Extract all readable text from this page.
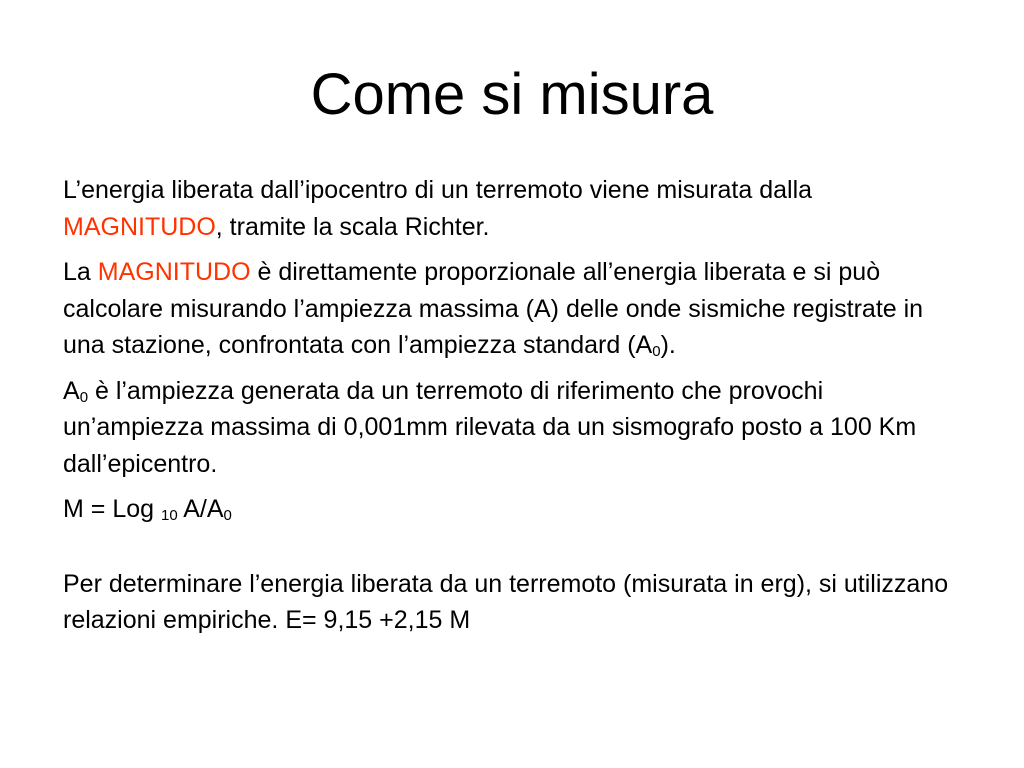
Come si misura

L’energia liberata dall’ipocentro di un terremoto viene misurata dalla MAGNITUDO, tramite la scala Richter.

La MAGNITUDO è direttamente proporzionale all’energia liberata e si può calcolare misurando l’ampiezza massima (A) delle onde sismiche registrate in una stazione, confrontata con l’ampiezza standard $(A_0)$.

$A_0$ è l’ampiezza generata da un terremoto di riferimento che provochi un’ampiezza massima di 0,001mm rilevata da un sismografo posto a 100 Km dall’epicentro.

M = Log $_{10}$ $A/A_0$

Per determinare l’energia liberata da un terremoto (misurata in erg), si utilizzano relazioni empiriche. E= 9,15 +2,15 M
